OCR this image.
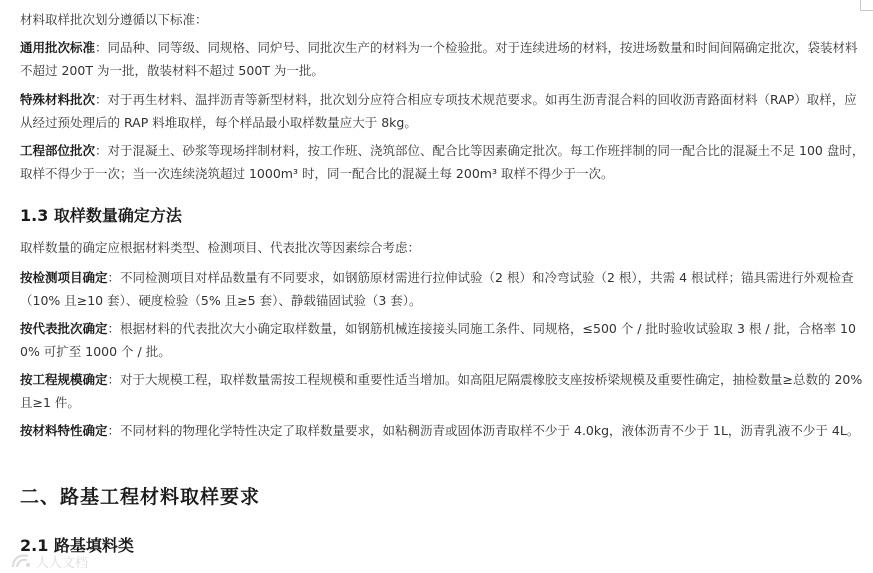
材料取样批次划分遵循以下标准：

通用批次标准：同品种、同等级、同规格、同炉号、同批次生产的材料为一个检验批。对于连续进场的材料，按进场数量和时间间隔确定批次，袋装材料不超过 200T 为一批，散装材料不超过 500T 为一批。

特殊材料批次：对于再生材料、温拌沥青等新型材料，批次划分应符合相应专项技术规范要求。如再生沥青混合料的回收沥青路面材料（RAP）取样，应从经过预处理后的 RAP 料堆取样，每个样品最小取样数量应大于 8kg。

工程部位批次：对于混凝土、砂浆等现场拌制材料，按工作班、浇筑部位、配合比等因素确定批次。每工作班拌制的同一配合比的混凝土不足 100 盘时，取样不得少于一次；当一次连续浇筑超过 1000m³ 时，同一配合比的混凝土每 200m³ 取样不得少于一次。

1.3 取样数量确定方法

取样数量的确定应根据材料类型、检测项目、代表批次等因素综合考虑：

按检测项目确定：不同检测项目对样品数量有不同要求，如钢筋原材需进行拉伸试验（2 根）和冷弯试验（2 根），共需 4 根试样；锚具需进行外观检查（10% 且≥10 套）、硬度检验（5% 且≥5 套）、静载锚固试验（3 套）。

按代表批次确定：根据材料的代表批次大小确定取样数量，如钢筋机械连接接头同施工条件、同规格，≤500 个 / 批时验收试验取 3 根 / 批，合格率 100% 可扩至 1000 个 / 批。

按工程规模确定：对于大规模工程，取样数量需按工程规模和重要性适当增加。如高阻尼隔震橡胶支座按桥梁规模及重要性确定，抽检数量≥总数的 20% 且≥1 件。

按材料特性确定：不同材料的物理化学特性决定了取样数量要求，如粘稠沥青或固体沥青取样不少于 4.0kg，液体沥青不少于 1L，沥青乳液不少于 4L。

二、路基工程材料取样要求
2.1 路基填料类
人人文档
